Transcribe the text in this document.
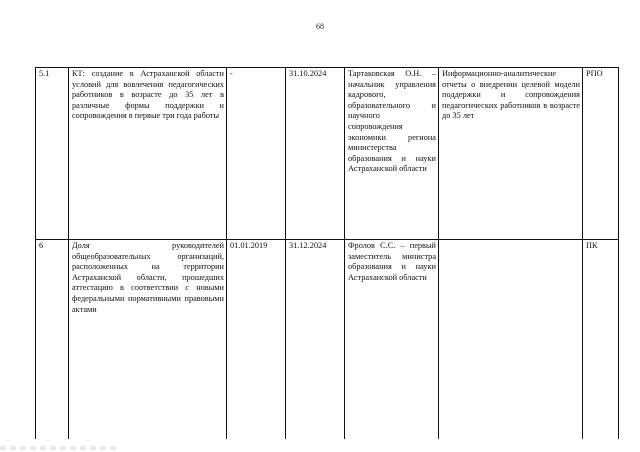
68
5.1	КТ: создание в Астраханской области условий для вовлечения педагогических работников в возрасте до 35 лет в различные формы поддержки и сопровождения в первые три года работы	-	31.10.2024	Тартаковская О.Н. – начальник управления кадрового, образовательного и научного сопровождения экономики региона министерства образования и науки Астраханской области	Информационно-аналитические отчеты о внедрении целевой модели поддержки и сопровождения педагогических работников в возрасте до 35 лет	РПО
6	Доля руководителей общеобразовательных организаций, расположенных на территории Астраханской области, прошедших аттестацию в соответствии с новыми федеральными нормативными правовыми актами	01.01.2019	31.12.2024	Фролов С.С. – первый заместитель министра образования и науки Астраханской области		ПК
